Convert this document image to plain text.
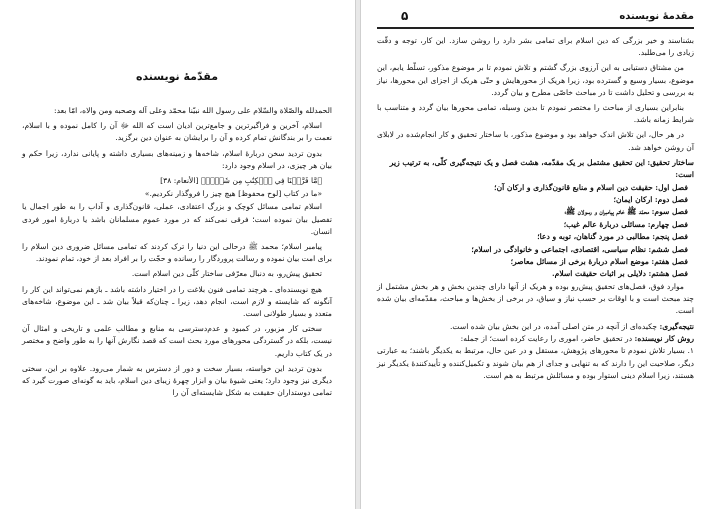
مقدّمهٔ نویسنده

الحمدلله والصّلاة والسّلام علی رسول الله نبیّنا محمّد وعلی آله وصحبه ومن والاه، امّا بعد:

اسلام، آخرین و فراگیرترین و جامع‌ترین ادیان است که الله ﷻ آن را کامل نموده و با اسلام، نعمت را بر بندگانش تمام کرده و آن را برایشان به عنوان دین برگزید.

بدون تردید سخن دربارهٔ اسلام، شاخه‌ها و زمینه‌های بسیاری داشته و پایانی ندارد، زیرا حکم و بیان هر چیزی، در اسلام وجود دارد:

﴿مَّا فَرَّطۡنَا فِي ٱلۡكِتَٰبِ مِن شَيۡءٖ﴾ [الأنعام: ٣٨]

«ما در کتاب [لوح محفوظ] هیچ چیز را فروگذار نکردیم.»

اسلام تمامی مسائل کوچک و بزرگ اعتقادی، عملی، قانون‌گذاری و آداب را به طور اجمال یا تفصیل بیان نموده است؛ فرقی نمی‌کند که در مورد عموم مسلمانان باشد یا دربارهٔ امور فردی انسان.

پیامبر اسلام؛ محمد ﷺ درحالی این دنیا را ترک کردند که تمامی مسائل ضروری دین اسلام را برای امت بیان نموده و رسالت پروردگار را رسانده و حجّت را بر افراد بعد از خود، تمام نمودند.

تحقیق پیش‌رو، به دنبال معرّفی ساختار کلّی دین اسلام است.

هیچ نویسنده‌ای ـ هرچند تمامی فنون بلاغت را در اختیار داشته باشد ـ بازهم نمی‌تواند این کار را آنگونه که شایسته و لازم است، انجام دهد، زیرا ـ چنان‌که قبلاً بیان شد ـ این موضوع، شاخه‌های متعدد و بسیار طولانی است.

سختی کار مزبور، در کمبود و عدم‌دسترسی به منابع و مطالب علمی و تاریخی و امثال آن نیست، بلکه در گستردگی محورهای مورد بحث است که قصد نگارش آنها را به طور واضح و مختصر در یک کتاب داریم.

بدون تردید این خواسته، بسیار سخت و دور از دسترس به شمار می‌رود. علاوه بر این، سختی دیگری نیز وجود دارد؛ یعنی شیوهٔ بیان و ابزار چهرهٔ زیبای دین اسلام، باید به گونه‌ای صورت گیرد که تمامی دوستداران حقیقت به شکل شایسته‌ای آن را

۵	مقدمهٔ نویسنده

بشناسند و خیر بزرگی که دین اسلام برای تمامی بشر دارد را روشن سازد. این کار، توجه و دقّت زیادی را می‌طلبد.

من مشتاق دستیابی به این آرزوی بزرگ گشتم و تلاش نمودم تا بر موضوع مذکور، تسلّط یابم، این موضوع، بسیار وسیع و گسترده بود، زیرا هریک از محورهایش و حتّی هریک از اجزای این محورها، نیاز به بررسی و تحلیل داشت تا در مباحث خاصّی مطرح و بیان گردد.

بنابراین بسیاری از مباحث را مختصر نمودم تا بدین وسیله، تمامی محورها بیان گردد و متناسب با شرایط زمانه باشد.

در هر حال، این تلاش اندک خواهد بود و موضوع مذکور، با ساختار تحقیق و کار انجام‌شده در لابلای آن روشن خواهد شد.

ساختار تحقیق: این تحقیق مشتمل بر یک مقدّمه، هشت فصل و یک نتیجه‌گیری کلّی، به ترتیب زیر است:

فصل اول: حقیقت دین اسلام و منابع قانون‌گذاری و ارکان آن؛

فصل دوم: ارکان ایمان؛

فصل سوم: محمّد ﷺ خاتم پیامبران و رسولان ﷺ؛

فصل چهارم: مسائلی دربارهٔ عالم غیب؛

فصل پنجم: مطالبی در مورد گناهان، توبه و دعا؛

فصل ششم: نظام سیاسی، اقتصادی، اجتماعی و خانوادگی در اسلام؛

فصل هفتم: موضع اسلام دربارهٔ برخی از مسائل معاصر؛

فصل هشتم: دلایلی بر اثبات حقیقت اسلام.

موارد فوق، فصل‌های تحقیق پیش‌رو بوده و هریک از آنها دارای چندین بخش و هر بخش مشتمل از چند مبحث است و با اوقات بر حسب نیاز و سیاق، در برخی از بخش‌ها و مباحث، مقدّمه‌ای بیان شده است.

نتیجه‌گیری: چکیده‌ای از آنچه در متن اصلی آمده، در این بخش بیان شده است.

روش کار نویسنده: در تحقیق حاضر، اموری را رعایت کرده است؛ از جمله:

۱. بسیار تلاش نمودم تا محورهای پژوهش، مستقل و در عین حال، مرتبط به یکدیگر باشند؛ به عبارتی دیگر، صلاحیت این را دارند که به تنهایی و جدای از هم بیان شوند و تکمیل‌کننده و تأییدکنندهٔ یکدیگر نیز هستند، زیرا اسلام دینی استوار بوده و مسائلش مرتبط به هم است.
